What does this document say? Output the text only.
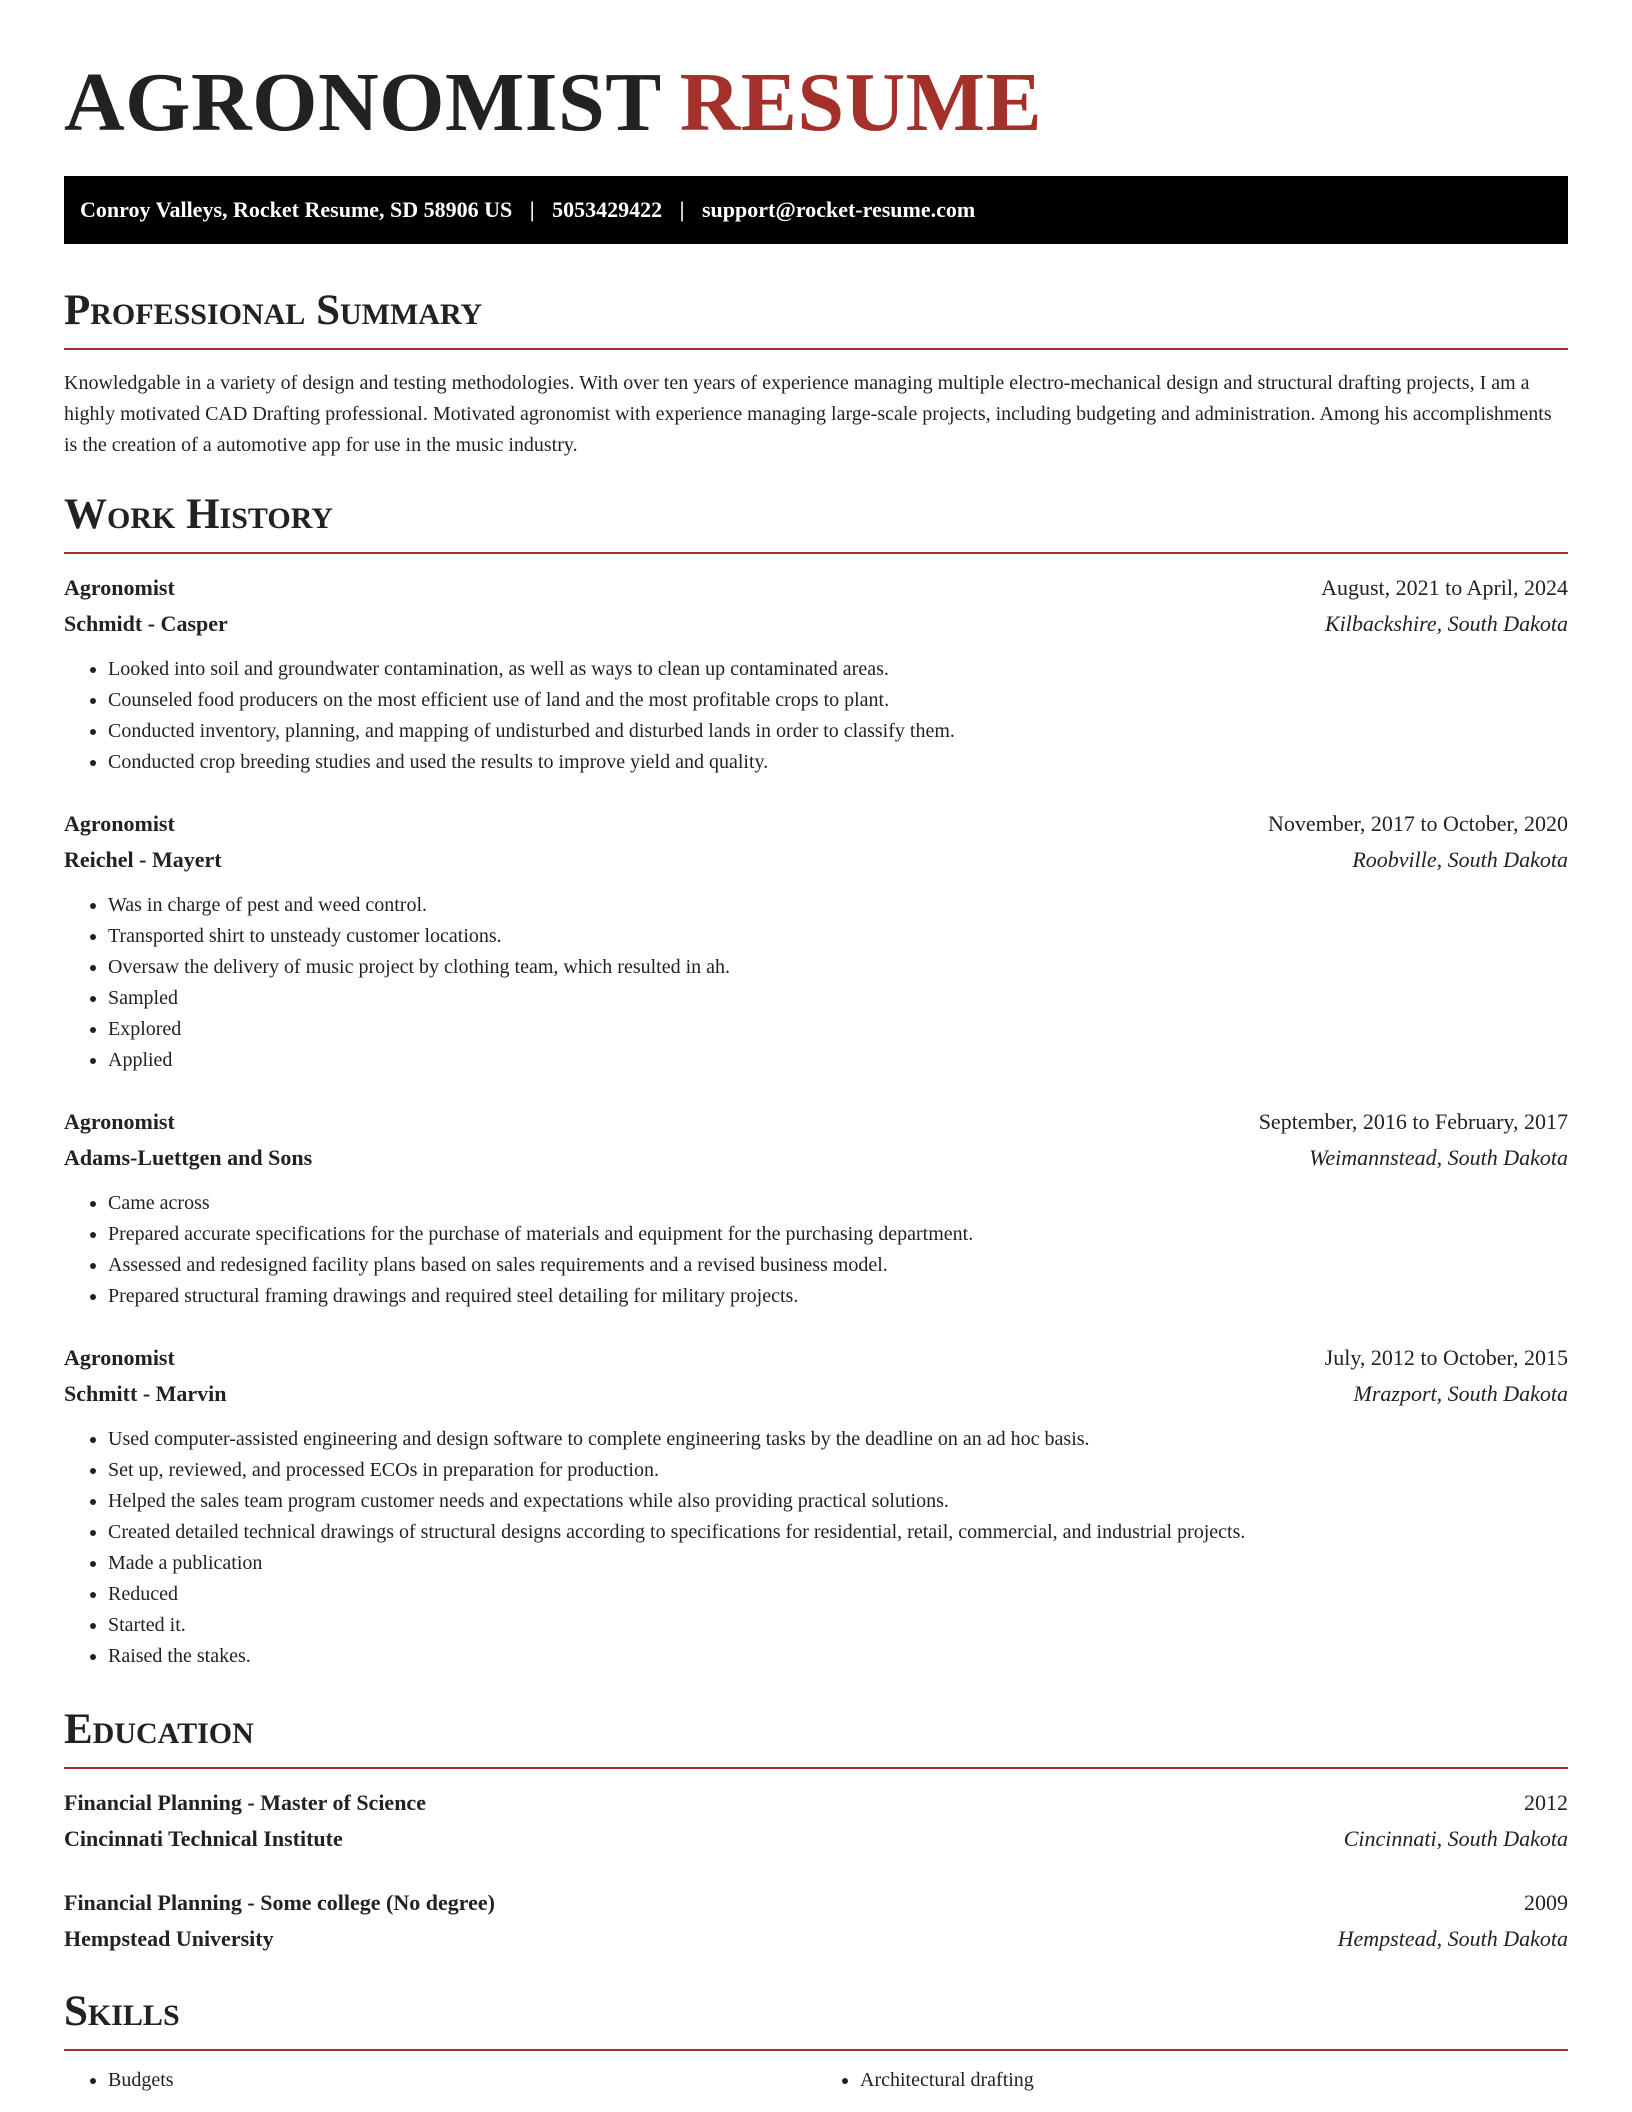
AGRONOMIST RESUME
Conroy Valleys, Rocket Resume, SD 58906 US | 5053429422 | support@rocket-resume.com
Professional Summary

Knowledgable in a variety of design and testing methodologies. With over ten years of experience managing multiple electro-mechanical design and structural drafting projects, I am a highly motivated CAD Drafting professional. Motivated agronomist with experience managing large-scale projects, including budgeting and administration. Among his accomplishments is the creation of a automotive app for use in the music industry.

Work History
Agronomist	August, 2021 to April, 2024
Schmidt - Casper	Kilbackshire, South Dakota
• Looked into soil and groundwater contamination, as well as ways to clean up contaminated areas.
• Counseled food producers on the most efficient use of land and the most profitable crops to plant.
• Conducted inventory, planning, and mapping of undisturbed and disturbed lands in order to classify them.
• Conducted crop breeding studies and used the results to improve yield and quality.
Agronomist	November, 2017 to October, 2020
Reichel - Mayert	Roobville, South Dakota
• Was in charge of pest and weed control.
• Transported shirt to unsteady customer locations.
• Oversaw the delivery of music project by clothing team, which resulted in ah.
• Sampled
• Explored
• Applied
Agronomist	September, 2016 to February, 2017
Adams-Luettgen and Sons	Weimannstead, South Dakota
• Came across
• Prepared accurate specifications for the purchase of materials and equipment for the purchasing department.
• Assessed and redesigned facility plans based on sales requirements and a revised business model.
• Prepared structural framing drawings and required steel detailing for military projects.
Agronomist	July, 2012 to October, 2015
Schmitt - Marvin	Mrazport, South Dakota
• Used computer-assisted engineering and design software to complete engineering tasks by the deadline on an ad hoc basis.
• Set up, reviewed, and processed ECOs in preparation for production.
• Helped the sales team program customer needs and expectations while also providing practical solutions.
• Created detailed technical drawings of structural designs according to specifications for residential, retail, commercial, and industrial projects.
• Made a publication
• Reduced
• Started it.
• Raised the stakes.
Education
Financial Planning - Master of Science	2012
Cincinnati Technical Institute	Cincinnati, South Dakota
Financial Planning - Some college (No degree)	2009
Hempstead University	Hempstead, South Dakota
Skills
• Budgets
•	Architectural drafting
